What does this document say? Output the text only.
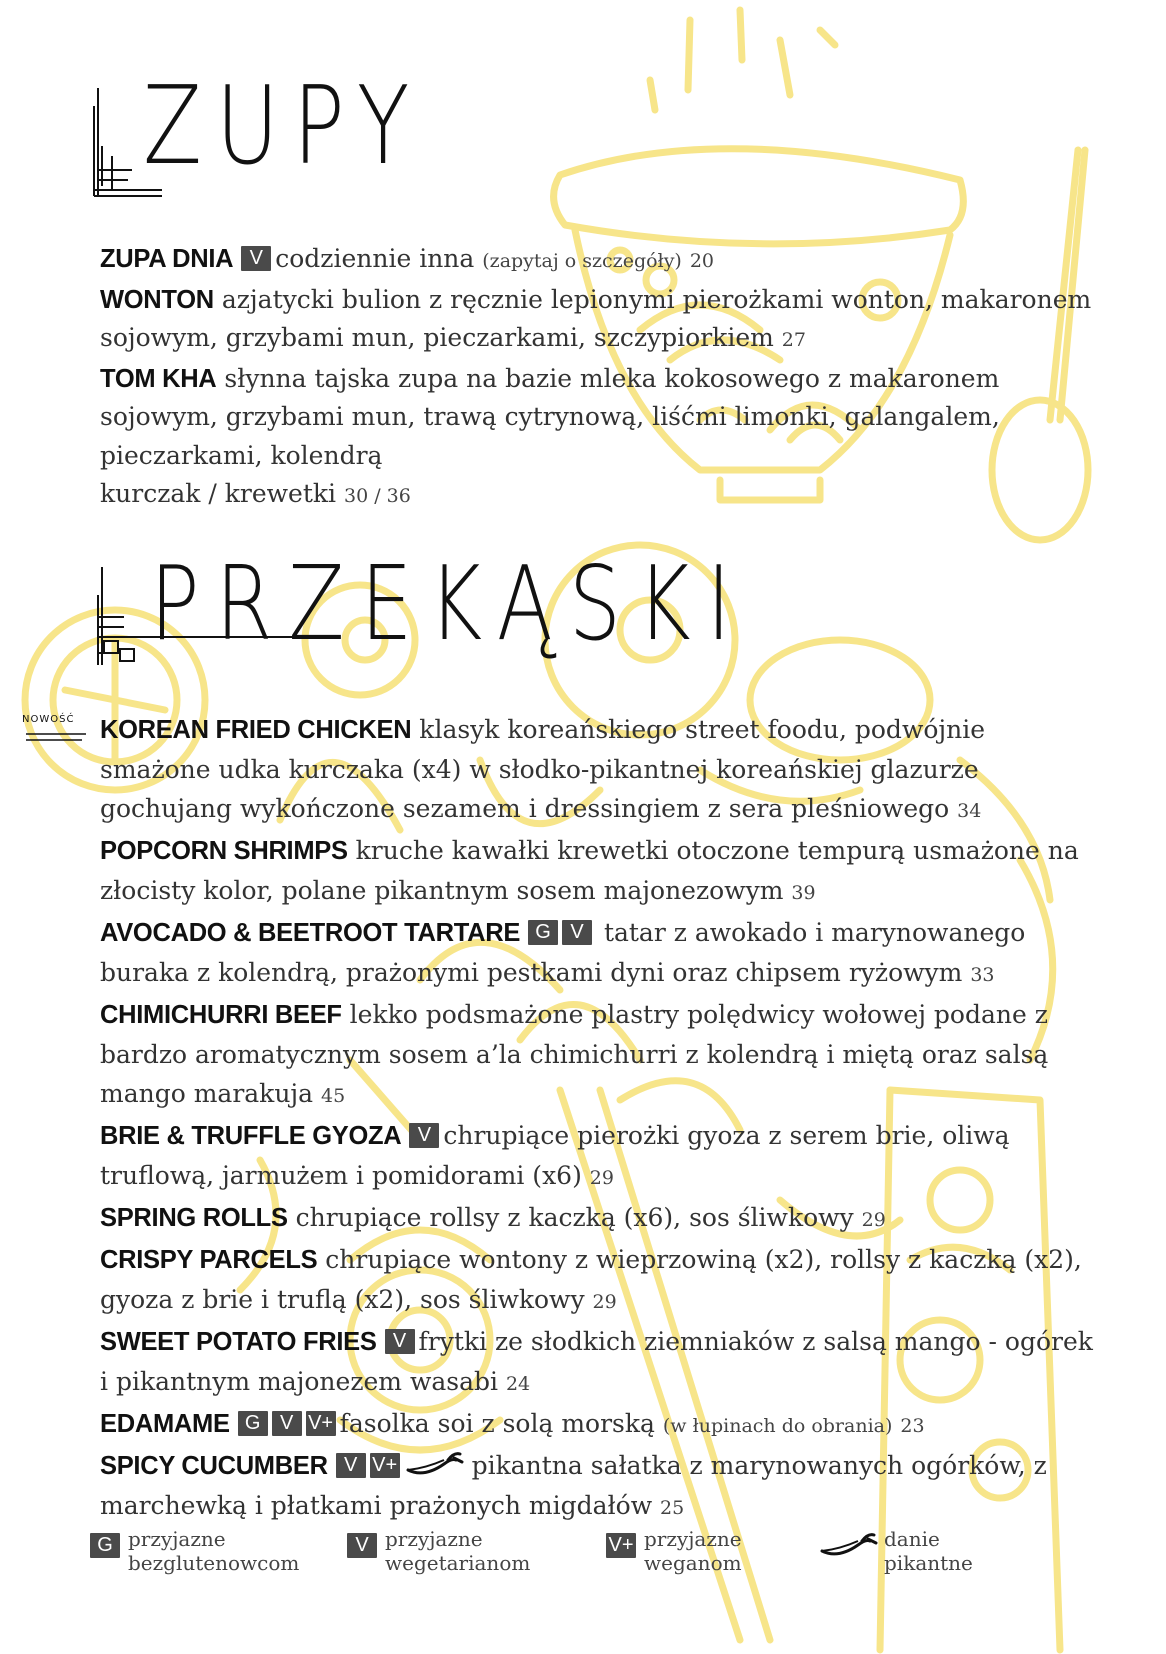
ZUPY

ZUPA DNIA V codziennie inna (zapytaj o szczegóły) 20

WONTON azjatycki bulion z ręcznie lepionymi pierożkami wonton, makaronem sojowym, grzybami mun, pieczarkami, szczypiorkiem 27

TOM KHA słynna tajska zupa na bazie mleka kokosowego z makaronem sojowym, grzybami mun, trawą cytrynową, liśćmi limonki, galangalem, pieczarkami, kolendrą

kurczak / krewetki 30 / 36

PRZEKĄSKI
NOWOŚĆ KOREAN FRIED CHICKEN klasyk koreańskiego street foodu, podwójnie smażone udka kurczaka (x4) w słodko-pikantnej koreańskiej glazurze gochujang wykończone sezamem i dressingiem z sera pleśniowego 34

POPCORN SHRIMPS kruche kawałki krewetki otoczone tempurą usmażone na złocisty kolor, polane pikantnym sosem majonezowym 39

AVOCADO & BEETROOT TARTARE G V tatar z awokado i marynowanego buraka z kolendrą, prażonymi pestkami dyni oraz chipsem ryżowym 33

CHIMICHURRI BEEF lekko podsmażone plastry polędwicy wołowej podane z bardzo aromatycznym sosem a’la chimichurri z kolendrą i miętą oraz salsą mango marakuja 45

BRIE & TRUFFLE GYOZA V chrupiące pierożki gyoza z serem brie, oliwą truflową, jarmużem i pomidorami (x6) 29

SPRING ROLLS chrupiące rollsy z kaczką (x6), sos śliwkowy 29

CRISPY PARCELS chrupiące wontony z wieprzowiną (x2), rollsy z kaczką (x2), gyoza z brie i truflą (x2), sos śliwkowy 29

SWEET POTATO FRIES V frytki ze słodkich ziemniaków z salsą mango - ogórek i pikantnym majonezem wasabi 24

EDAMAME G V V+ fasolka soi z solą morską (w łupinach do obrania) 23

SPICY CUCUMBER V V+	pikantna sałatka z marynowanych ogórków, z marchewką i płatkami prażonych migdałów 25

G przyjazne
bezglutenowcom
V przyjazne
wegetarianom
V+ przyjazne
weganom
danie
pikantne
